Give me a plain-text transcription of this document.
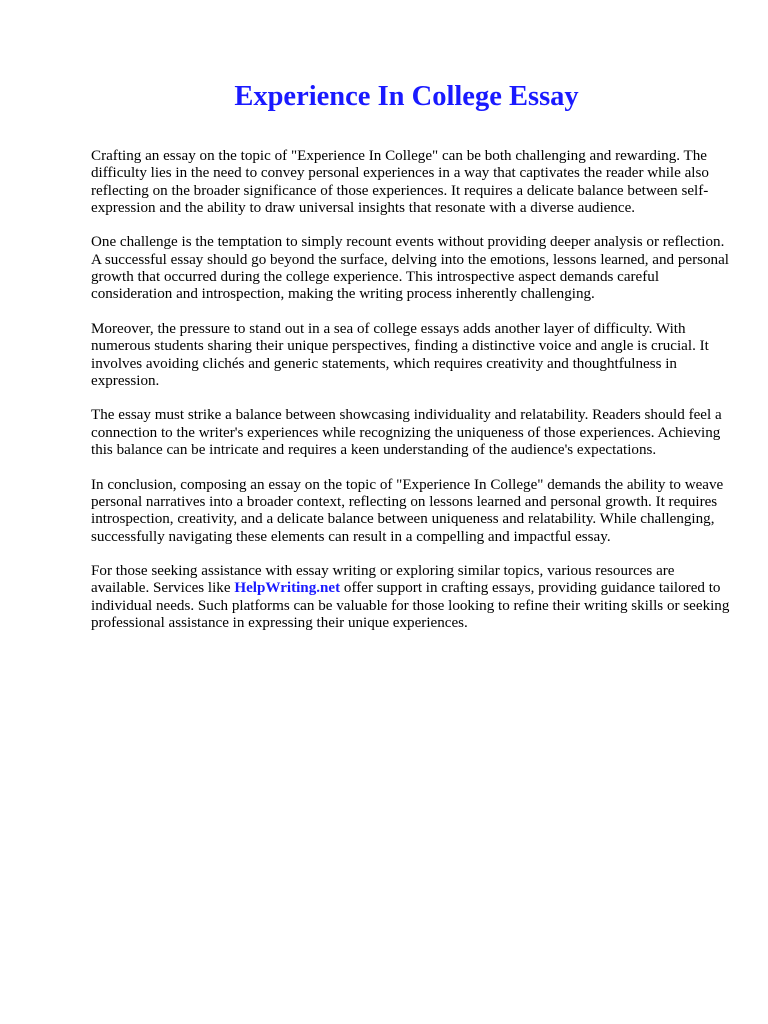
Experience In College Essay

Crafting an essay on the topic of "Experience In College" can be both challenging and rewarding. The difficulty lies in the need to convey personal experiences in a way that captivates the reader while also reflecting on the broader significance of those experiences. It requires a delicate balance between self-expression and the ability to draw universal insights that resonate with a diverse audience.

One challenge is the temptation to simply recount events without providing deeper analysis or reflection. A successful essay should go beyond the surface, delving into the emotions, lessons learned, and personal growth that occurred during the college experience. This introspective aspect demands careful consideration and introspection, making the writing process inherently challenging.

Moreover, the pressure to stand out in a sea of college essays adds another layer of difficulty. With numerous students sharing their unique perspectives, finding a distinctive voice and angle is crucial. It involves avoiding clichés and generic statements, which requires creativity and thoughtfulness in expression.

The essay must strike a balance between showcasing individuality and relatability. Readers should feel a connection to the writer's experiences while recognizing the uniqueness of those experiences. Achieving this balance can be intricate and requires a keen understanding of the audience's expectations.

In conclusion, composing an essay on the topic of "Experience In College" demands the ability to weave personal narratives into a broader context, reflecting on lessons learned and personal growth. It requires introspection, creativity, and a delicate balance between uniqueness and relatability. While challenging, successfully navigating these elements can result in a compelling and impactful essay.

For those seeking assistance with essay writing or exploring similar topics, various resources are available. Services like HelpWriting.net offer support in crafting essays, providing guidance tailored to individual needs. Such platforms can be valuable for those looking to refine their writing skills or seeking professional assistance in expressing their unique experiences.
